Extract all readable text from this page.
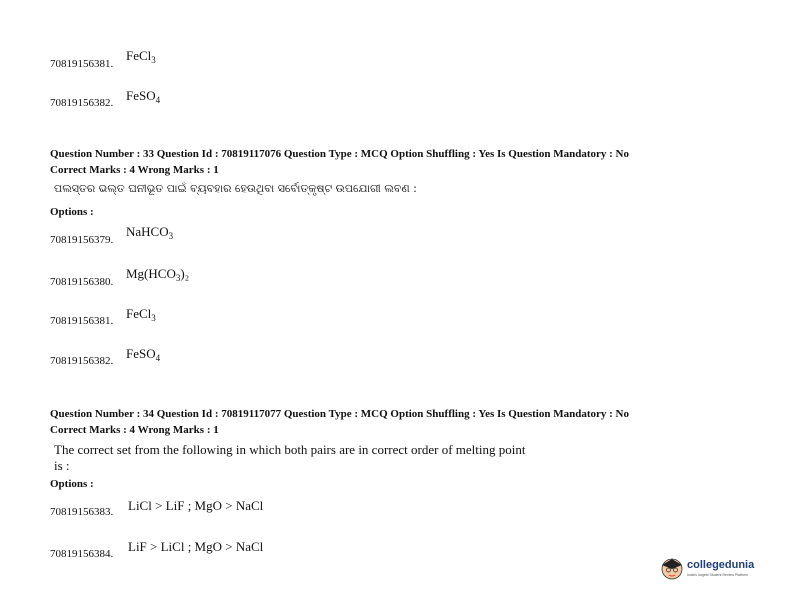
70819156381.
FeCl$_3$
70819156382. FeSO$_4$
Question Number : 33 Question Id : 70819117076 Question Type : MCQ Option Shuffling : Yes Is Question Mandatory : No
Correct Marks : 4 Wrong Marks : 1
ପଲସ୍ତର ଭଲ୍ତ ଘନୀଭୂତ ପାଇଁ ବ୍ୟବହାର ହେଉଥିବା ସର୍ବୋତ୍କୃଷ୍ଟ ଉପଯୋଗୀ ଲବଣ :
Options :
70819156379.
NaHCO$_3$
70819156380.
$Mg(HCO_3)_2$
70819156381. FeCl$_3$
70819156382. FeSO$_4$
Question Number : 34 Question Id : 70819117077 Question Type : MCQ Option Shuffling : Yes Is Question Mandatory : No
Correct Marks : 4 Wrong Marks : 1
The correct set from the following in which both pairs are in correct order of melting point
is :
Options :
70819156383. LiCl > LiF ; MgO > NaCl
70819156384. LiF > LiCl ; MgO > NaCl
collegedunia
India's largest Student Review Platform
